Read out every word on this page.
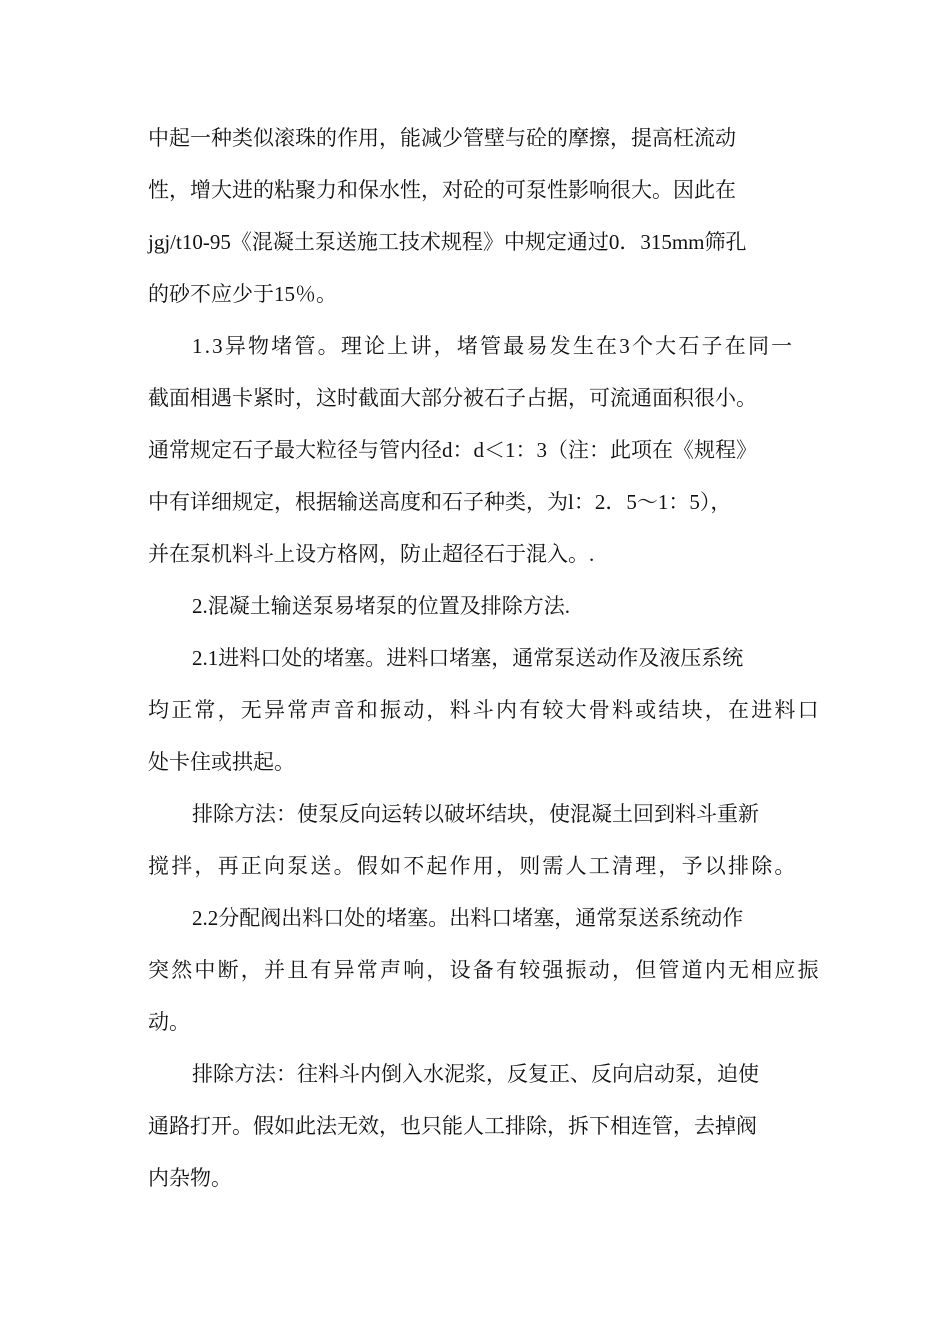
中起一种类似滚珠的作用，能减少管壁与砼的摩擦，提高枉流动
性，增大进的粘聚力和保水性，对砼的可泵性影响很大。因此在
jgj/t10-95《混凝土泵送施工技术规程》中规定通过0．315mm筛孔
的砂不应少于15％。
1.3异物堵管。理论上讲，堵管最易发生在3个大石子在同一
截面相遇卡紧时，这时截面大部分被石子占据，可流通面积很小。
通常规定石子最大粒径与管内径d：d＜1：3（注：此项在《规程》
中有详细规定，根据输送高度和石子种类，为l：2．5～1：5），
并在泵机料斗上设方格网，防止超径石于混入。.
2.混凝土输送泵易堵泵的位置及排除方法.
2.1进料口处的堵塞。进料口堵塞，通常泵送动作及液压系统
均正常，无异常声音和振动，料斗内有较大骨料或结块，在进料口
处卡住或拱起。
排除方法：使泵反向运转以破坏结块，使混凝土回到料斗重新
搅拌，再正向泵送。假如不起作用，则需人工清理，予以排除。
2.2分配阀出料口处的堵塞。出料口堵塞，通常泵送系统动作
突然中断，并且有异常声响，设备有较强振动，但管道内无相应振
动。
排除方法：往料斗内倒入水泥浆，反复正、反向启动泵，迫使
通路打开。假如此法无效，也只能人工排除，拆下相连管，去掉阀
内杂物。
